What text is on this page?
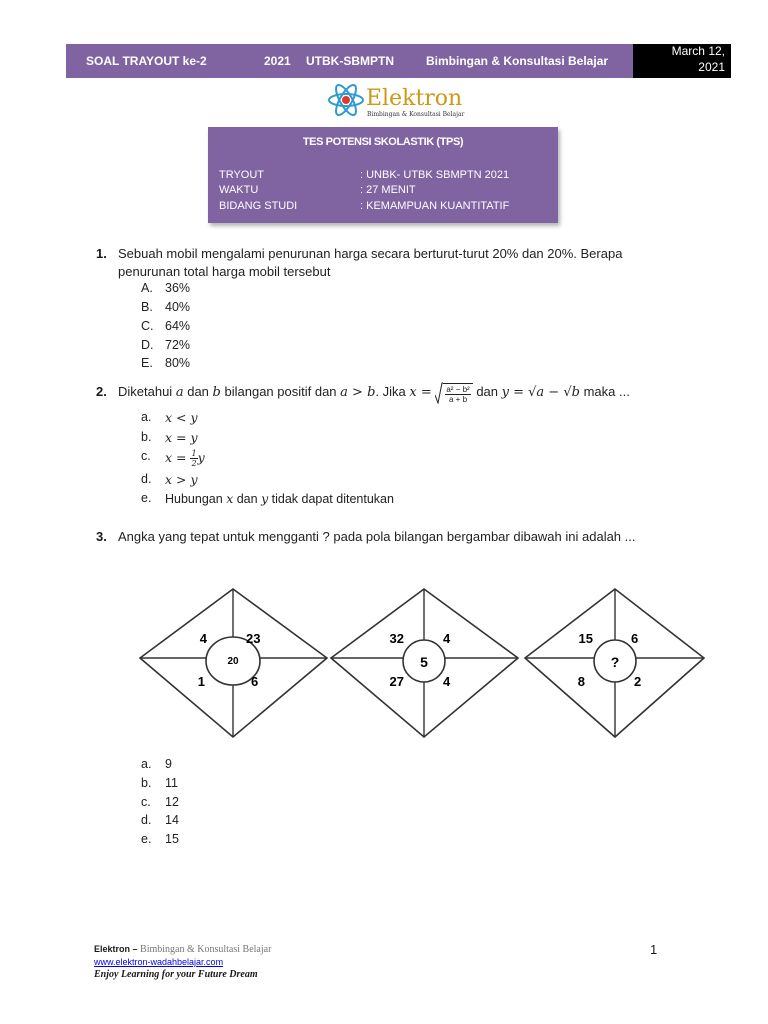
SOAL TRAYOUT ke-2	2021 UTBK-SBMPTN	Bimbingan & Konsultasi Belajar
March 12,
2021
Elektron
Bimbingan & Konsultasi Belajar
TES POTENSI SKOLASTIK (TPS)
TRYOUT	: UNBK- UTBK SBMPTN 2021
WAKTU	: 27 MENIT
BIDANG STUDI	: KEMAMPUAN KUANTITATIF
1. Sebuah mobil mengalami penurunan harga secara berturut-turut 20% dan 20%. Berapa
penurunan total harga mobil tersebut
A. 36%
B. 40%
C. 64%
D. 72%
E. 80%
2. Diketahui a dan b bilangan positif dan a > b. Jika $x = \frac{\text{a² − b²}}{a + b}$ dan y = √a − √b maka ...
a. x < y
b. x = y
c. $x = \frac{1}{2}y$
d. x > y
e. Hubungan x dan y tidak dapat ditentukan
3. Angka yang tepat untuk mengganti ? pada pola bilangan bergambar dibawah ini adalah ...
4	23
20
1	6
32	4
5
27	4
15	6
?
8	2
a. 9
b. 11
c. 12
d. 14
e. 15
Elektron – Bimbingan & Konsultasi Belajar
www.elektron-wadahbelajar.com
Enjoy Learning for your Future Dream
1
